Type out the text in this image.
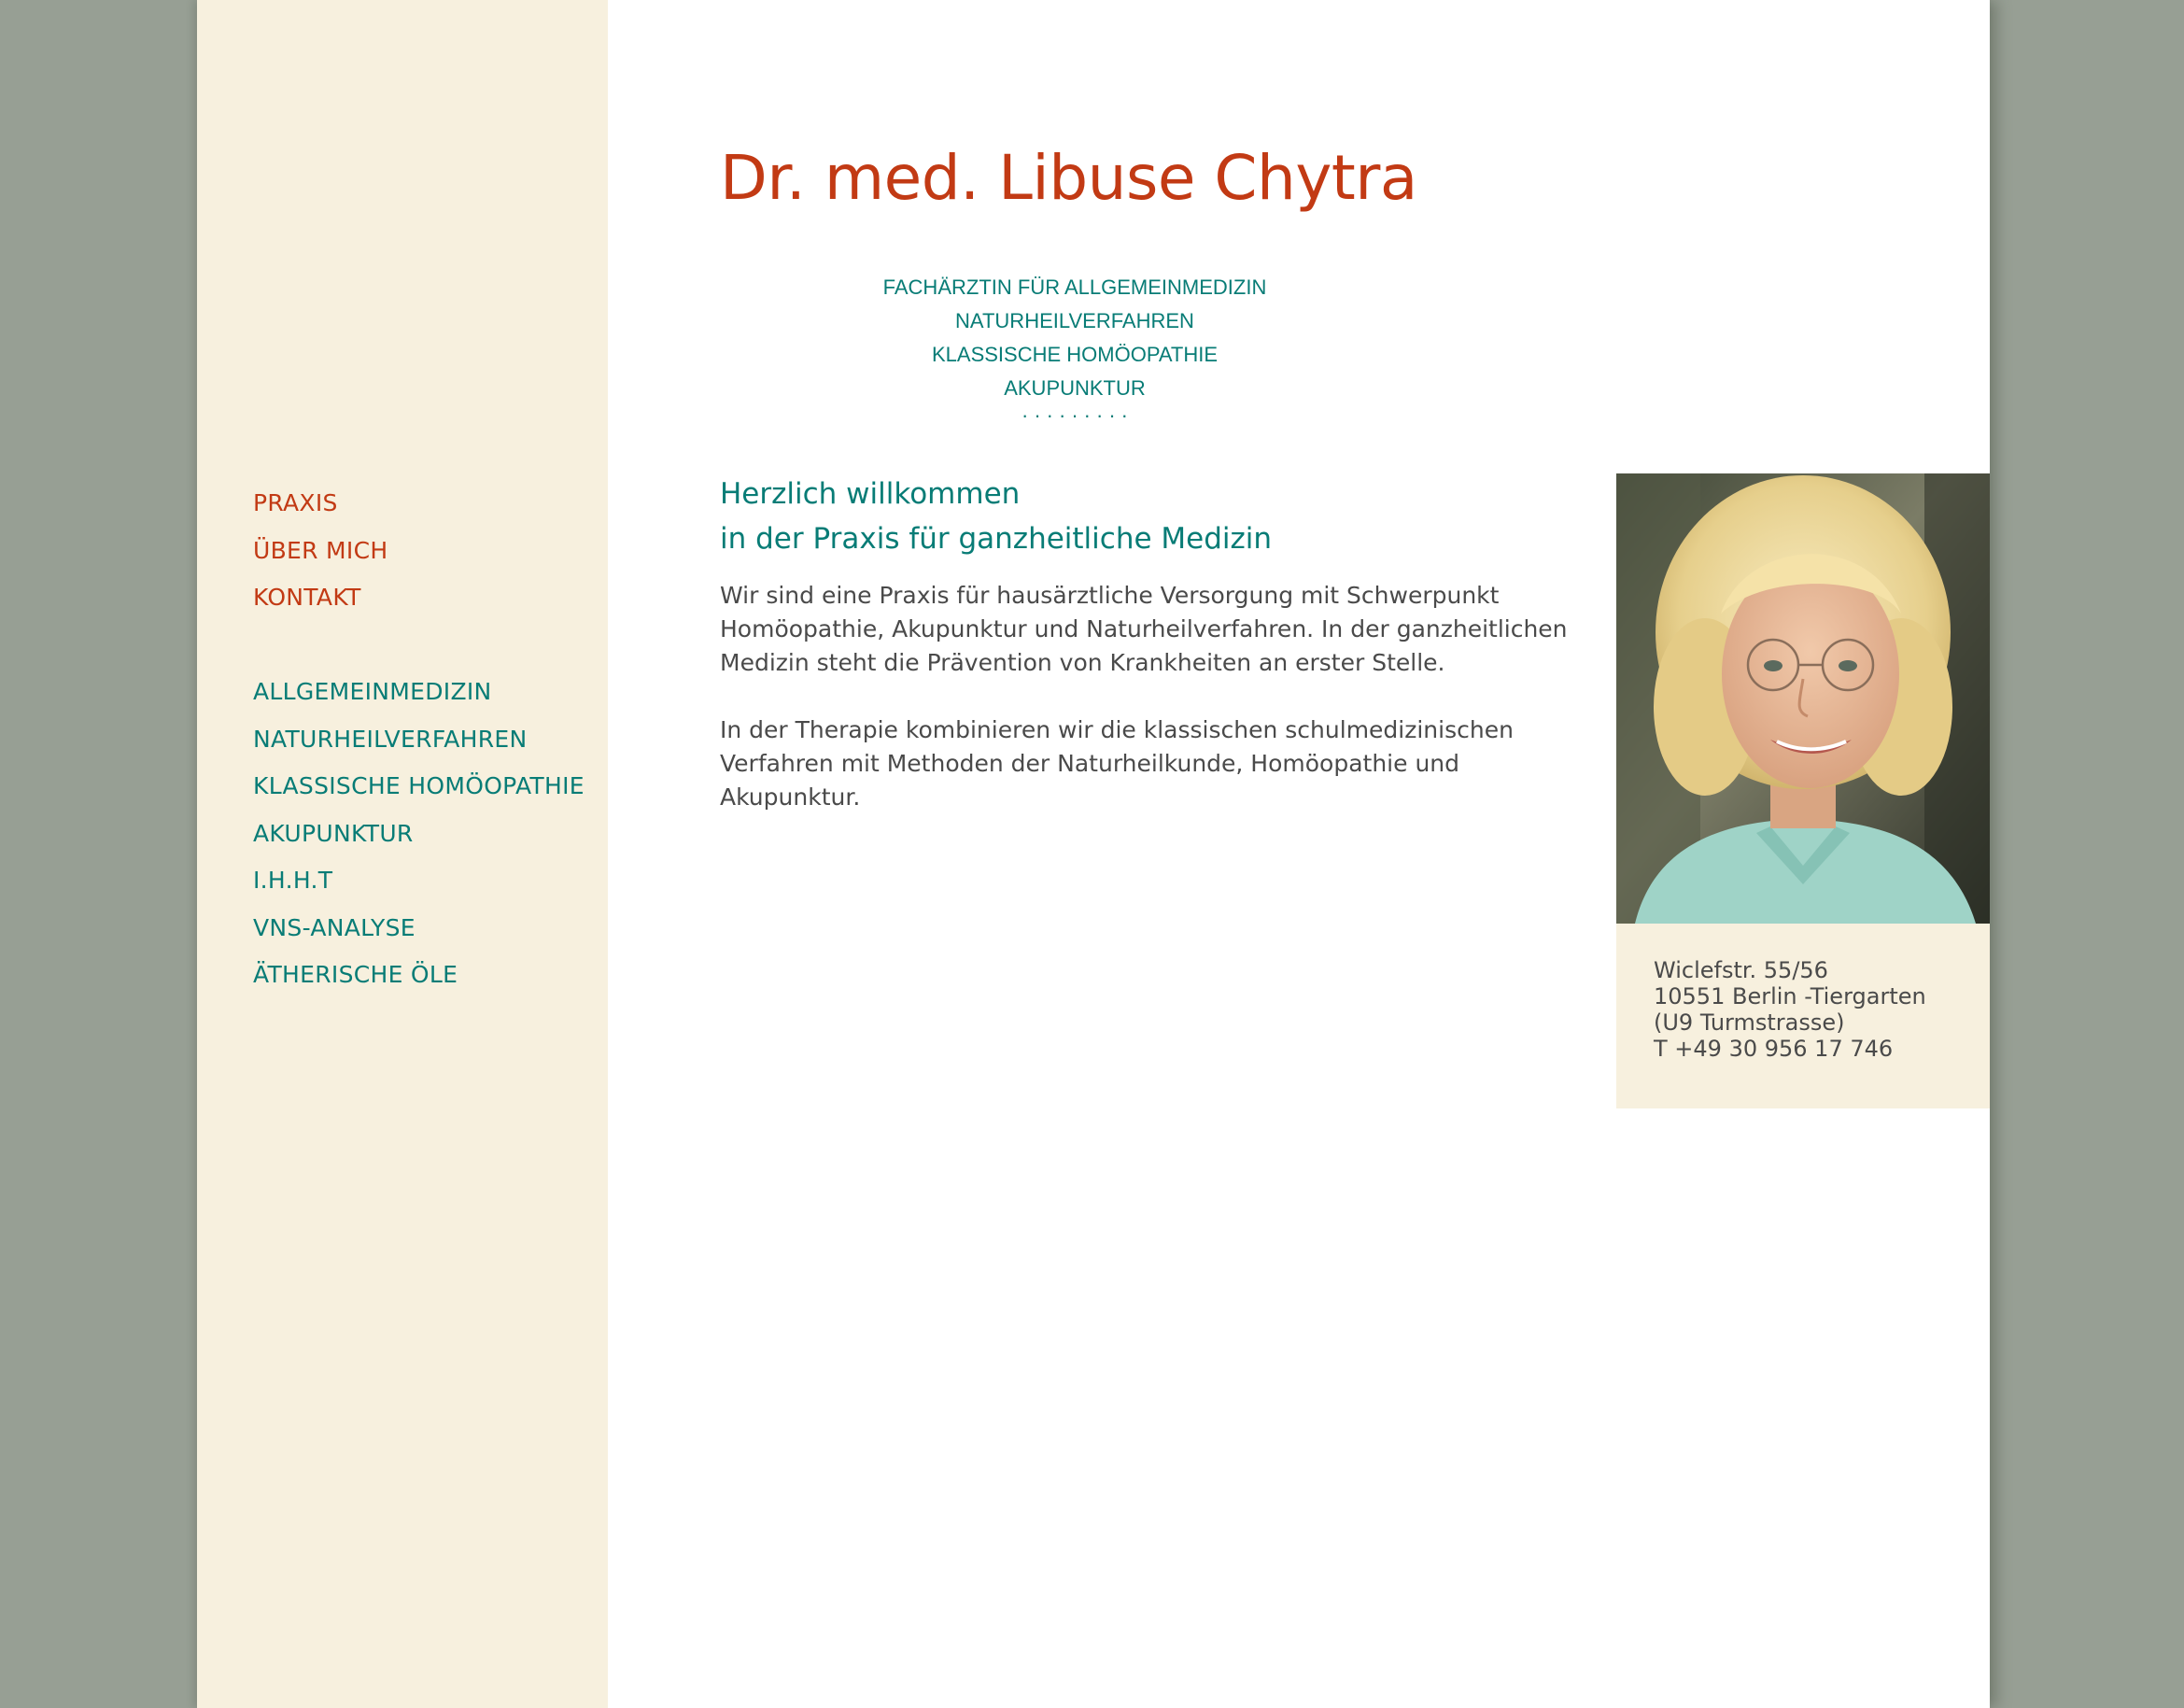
PRAXIS
ÜBER MICH
KONTAKT
ALLGEMEINMEDIZIN
NATURHEILVERFAHREN
KLASSISCHE HOMÖOPATHIE
AKUPUNKTUR
I.H.H.T
VNS-ANALYSE
ÄTHERISCHE ÖLE
Dr. med. Libuse Chytra
FACHÄRZTIN FÜR ALLGEMEINMEDIZIN
NATURHEILVERFAHREN
KLASSISCHE HOMÖOPATHIE
AKUPUNKTUR
·········
Herzlich willkommen
in der Praxis für ganzheitliche Medizin

Wir sind eine Praxis für hausärztliche Versorgung mit Schwerpunkt Homöopathie, Akupunktur und Naturheilverfahren. In der ganzheitlichen Medizin steht die Prävention von Krankheiten an erster Stelle.

In der Therapie kombinieren wir die klassischen schulmedizinischen Verfahren mit Methoden der Naturheilkunde, Homöopathie und Akupunktur.

Wiclefstr. 55/56
10551 Berlin -Tiergarten
(U9 Turmstrasse)
T +49 30 956 17 746
